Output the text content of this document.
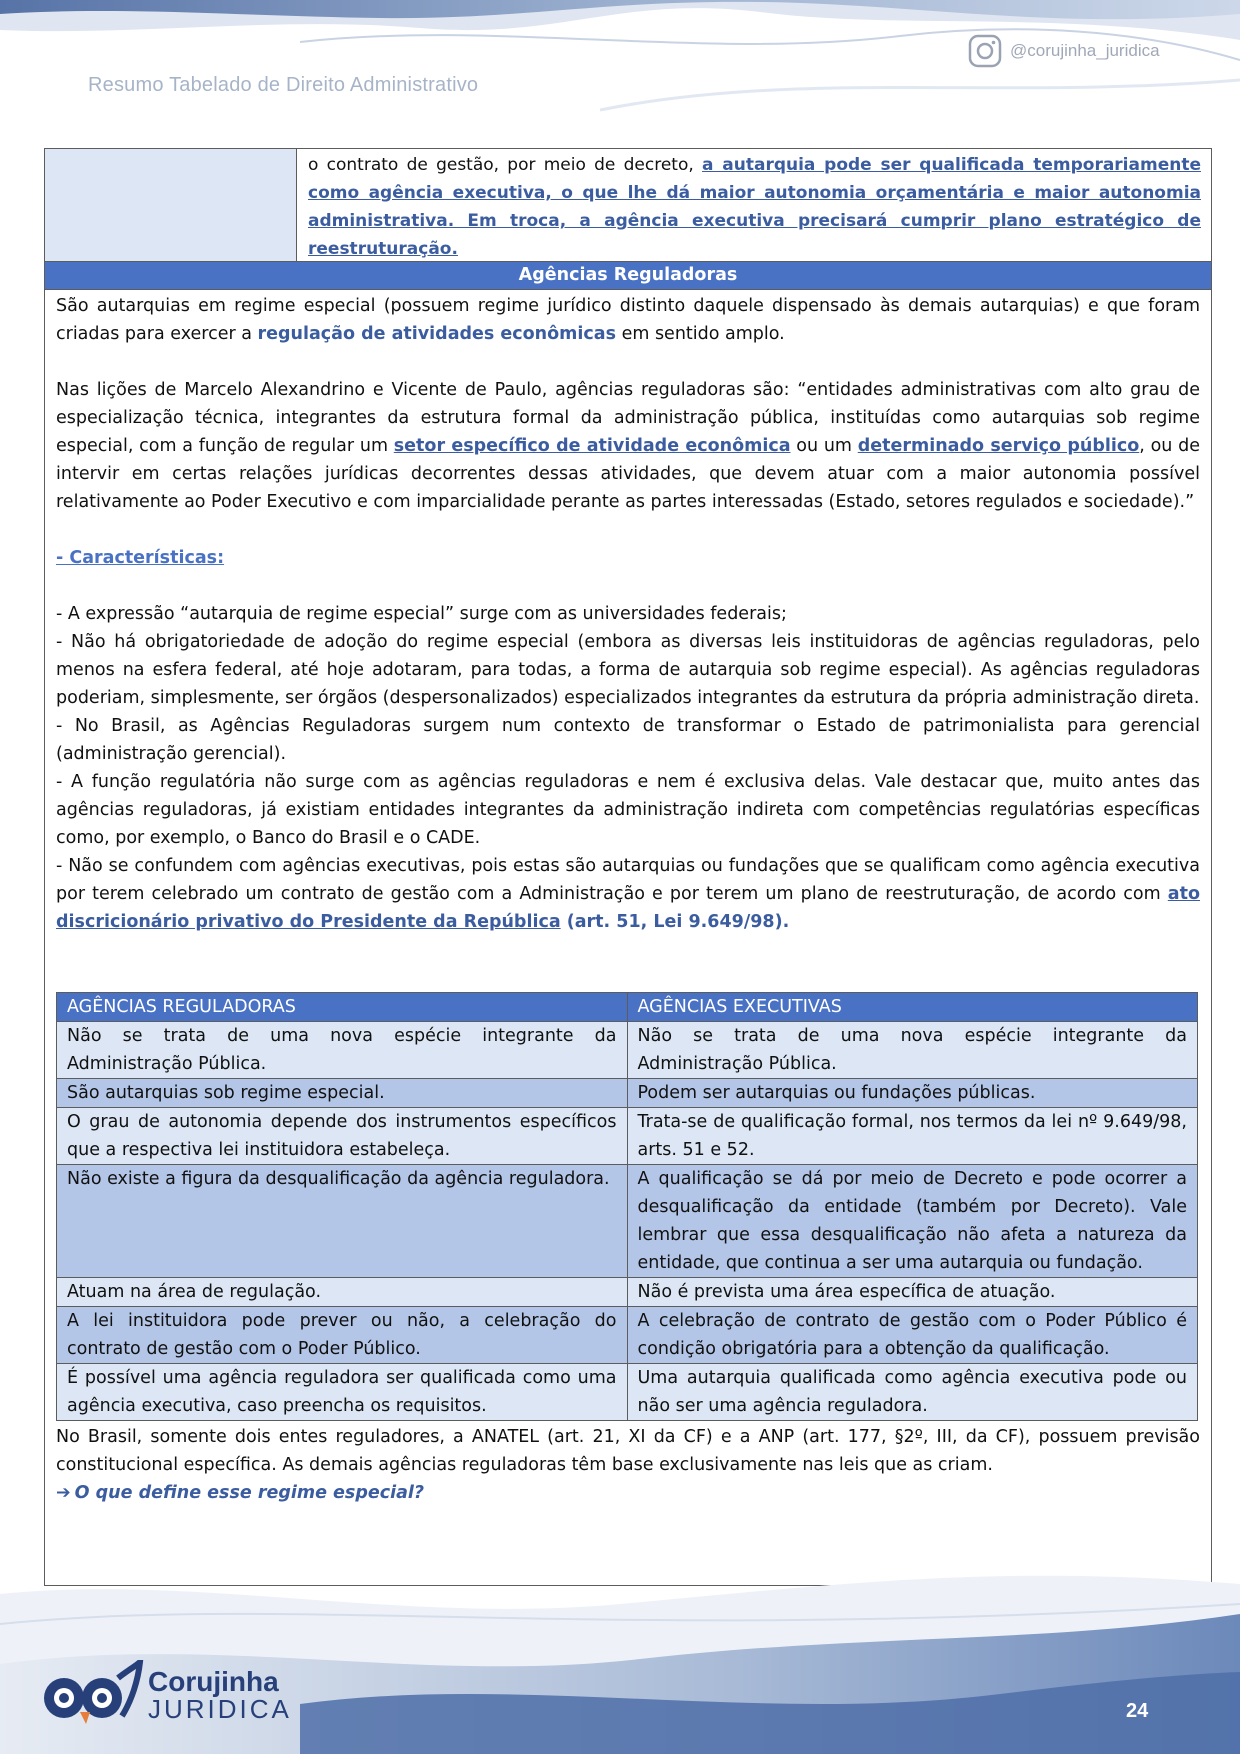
Resumo Tabelado de Direito Administrativo
@corujinha_juridica
o contrato de gestão, por meio de decreto, a autarquia pode ser qualificada temporariamente como agência executiva, o que lhe dá maior autonomia orçamentária e maior autonomia administrativa. Em troca, a agência executiva precisará cumprir plano estratégico de reestruturação.
Agências Reguladoras

São autarquias em regime especial (possuem regime jurídico distinto daquele dispensado às demais autarquias) e que foram criadas para exercer a regulação de atividades econômicas em sentido amplo.

Nas lições de Marcelo Alexandrino e Vicente de Paulo, agências reguladoras são: “entidades administrativas com alto grau de especialização técnica, integrantes da estrutura formal da administração pública, instituídas como autarquias sob regime especial, com a função de regular um setor específico de atividade econômica ou um determinado serviço público, ou de intervir em certas relações jurídicas decorrentes dessas atividades, que devem atuar com a maior autonomia possível relativamente ao Poder Executivo e com imparcialidade perante as partes interessadas (Estado, setores regulados e sociedade).”

- Características:

- A expressão “autarquia de regime especial” surge com as universidades federais;

- Não há obrigatoriedade de adoção do regime especial (embora as diversas leis instituidoras de agências reguladoras, pelo menos na esfera federal, até hoje adotaram, para todas, a forma de autarquia sob regime especial). As agências reguladoras poderiam, simplesmente, ser órgãos (despersonalizados) especializados integrantes da estrutura da própria administração direta.

- No Brasil, as Agências Reguladoras surgem num contexto de transformar o Estado de patrimonialista para gerencial (administração gerencial).

- A função regulatória não surge com as agências reguladoras e nem é exclusiva delas. Vale destacar que, muito antes das agências reguladoras, já existiam entidades integrantes da administração indireta com competências regulatórias específicas como, por exemplo, o Banco do Brasil e o CADE.

- Não se confundem com agências executivas, pois estas são autarquias ou fundações que se qualificam como agência executiva por terem celebrado um contrato de gestão com a Administração e por terem um plano de reestruturação, de acordo com ato discricionário privativo do Presidente da República (art. 51, Lei 9.649/98).

AGÊNCIAS REGULADORAS	AGÊNCIAS EXECUTIVAS
Não se trata de uma nova espécie integrante da Administração Pública.	Não se trata de uma nova espécie integrante da Administração Pública.
São autarquias sob regime especial.	Podem ser autarquias ou fundações públicas.
O grau de autonomia depende dos instrumentos específicos que a respectiva lei instituidora estabeleça.	Trata-se de qualificação formal, nos termos da lei nº 9.649/98, arts. 51 e 52.
Não existe a figura da desqualificação da agência reguladora.	A qualificação se dá por meio de Decreto e pode ocorrer a desqualificação da entidade (também por Decreto). Vale lembrar que essa desqualificação não afeta a natureza da entidade, que continua a ser uma autarquia ou fundação.
Atuam na área de regulação.	Não é prevista uma área específica de atuação.
A lei instituidora pode prever ou não, a celebração do contrato de gestão com o Poder Público.	A celebração de contrato de gestão com o Poder Público é condição obrigatória para a obtenção da qualificação.
É possível uma agência reguladora ser qualificada como uma agência executiva, caso preencha os requisitos.	Uma autarquia qualificada como agência executiva pode ou não ser uma agência reguladora.
No Brasil, somente dois entes reguladores, a ANATEL (art. 21, XI da CF) e a ANP (art. 177, §2º, III, da CF), possuem previsão constitucional específica. As demais agências reguladoras têm base exclusivamente nas leis que as criam.
➔ O que define esse regime especial?
Corujinha
JURIDICA	24
